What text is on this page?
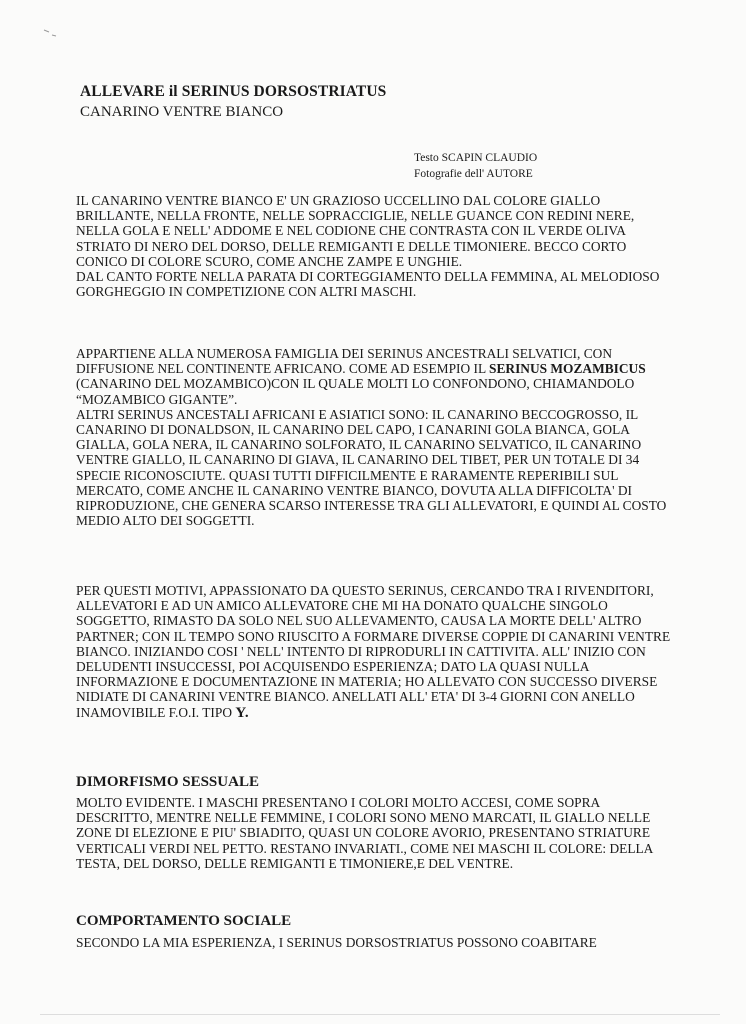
ALLEVARE il SERINUS DORSOSTRIATUS
CANARINO VENTRE BIANCO
Testo SCAPIN CLAUDIO
Fotografie dell' AUTORE

IL CANARINO VENTRE BIANCO E' UN GRAZIOSO UCCELLINO DAL COLORE GIALLO BRILLANTE, NELLA FRONTE, NELLE SOPRACCIGLIE, NELLE GUANCE CON REDINI NERE, NELLA GOLA E NELL' ADDOME E NEL CODIONE CHE CONTRASTA CON IL VERDE OLIVA STRIATO DI NERO DEL DORSO, DELLE REMIGANTI E DELLE TIMONIERE. BECCO CORTO CONICO DI COLORE SCURO, COME ANCHE ZAMPE E UNGHIE.

DAL CANTO FORTE NELLA PARATA DI CORTEGGIAMENTO DELLA FEMMINA, AL MELODIOSO GORGHEGGIO IN COMPETIZIONE CON ALTRI MASCHI.

APPARTIENE ALLA NUMEROSA FAMIGLIA DEI SERINUS ANCESTRALI SELVATICI, CON DIFFUSIONE NEL CONTINENTE AFRICANO. COME AD ESEMPIO IL SERINUS MOZAMBICUS (CANARINO DEL MOZAMBICO)CON IL QUALE MOLTI LO CONFONDONO, CHIAMANDOLO “MOZAMBICO GIGANTE”.

ALTRI SERINUS ANCESTALI AFRICANI E ASIATICI SONO: IL CANARINO BECCOGROSSO, IL CANARINO DI DONALDSON, IL CANARINO DEL CAPO, I CANARINI GOLA BIANCA, GOLA GIALLA, GOLA NERA, IL CANARINO SOLFORATO, IL CANARINO SELVATICO, IL CANARINO VENTRE GIALLO, IL CANARINO DI GIAVA, IL CANARINO DEL TIBET, PER UN TOTALE DI 34 SPECIE RICONOSCIUTE. QUASI TUTTI DIFFICILMENTE E RARAMENTE REPERIBILI SUL MERCATO, COME ANCHE IL CANARINO VENTRE BIANCO, DOVUTA ALLA DIFFICOLTA' DI RIPRODUZIONE, CHE GENERA SCARSO INTERESSE TRA GLI ALLEVATORI, E QUINDI AL COSTO MEDIO ALTO DEI SOGGETTI.

PER QUESTI MOTIVI, APPASSIONATO DA QUESTO SERINUS, CERCANDO TRA I RIVENDITORI, ALLEVATORI E AD UN AMICO ALLEVATORE CHE MI HA DONATO QUALCHE SINGOLO SOGGETTO, RIMASTO DA SOLO NEL SUO ALLEVAMENTO, CAUSA LA MORTE DELL' ALTRO PARTNER; CON IL TEMPO SONO RIUSCITO A FORMARE DIVERSE COPPIE DI CANARINI VENTRE BIANCO. INIZIANDO COSI ' NELL' INTENTO DI RIPRODURLI IN CATTIVITA. ALL' INIZIO CON DELUDENTI INSUCCESSI, POI ACQUISENDO ESPERIENZA; DATO LA QUASI NULLA INFORMAZIONE E DOCUMENTAZIONE IN MATERIA; HO ALLEVATO CON SUCCESSO DIVERSE NIDIATE DI CANARINI VENTRE BIANCO. ANELLATI ALL' ETA' DI 3-4 GIORNI CON ANELLO INAMOVIBILE F.O.I. TIPO Y.

DIMORFISMO SESSUALE

MOLTO EVIDENTE. I MASCHI PRESENTANO I COLORI MOLTO ACCESI, COME SOPRA DESCRITTO, MENTRE NELLE FEMMINE, I COLORI SONO MENO MARCATI, IL GIALLO NELLE ZONE DI ELEZIONE E PIU' SBIADITO, QUASI UN COLORE AVORIO, PRESENTANO STRIATURE VERTICALI VERDI NEL PETTO. RESTANO INVARIATI., COME NEI MASCHI IL COLORE: DELLA TESTA, DEL DORSO, DELLE REMIGANTI E TIMONIERE,E DEL VENTRE.

COMPORTAMENTO SOCIALE

SECONDO LA MIA ESPERIENZA, I SERINUS DORSOSTRIATUS POSSONO COABITARE
